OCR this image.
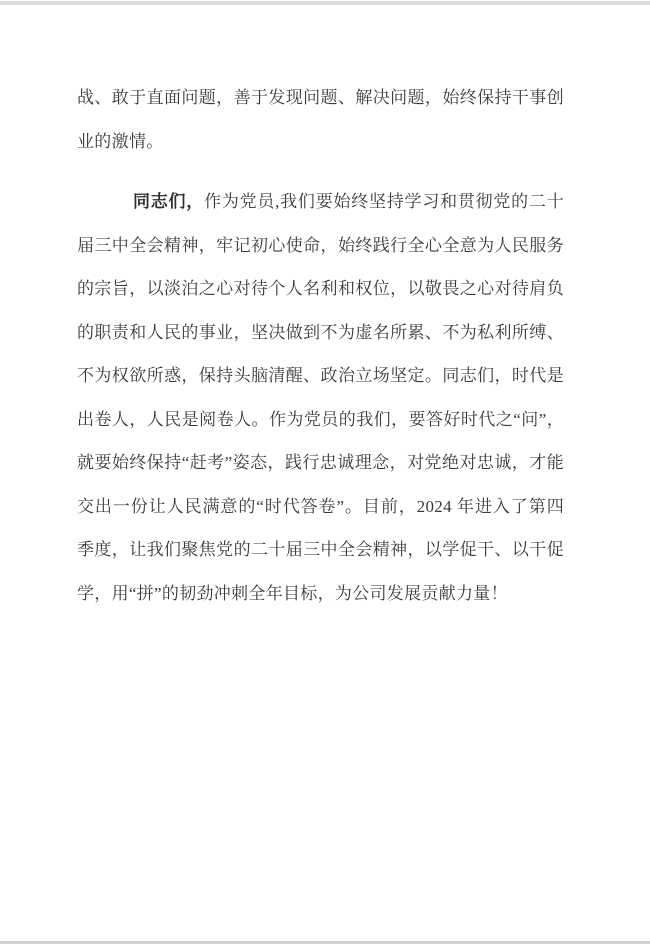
战、敢于直面问题，善于发现问题、解决问题，始终保持干事创业的激情。

同志们，作为党员,我们要始终坚持学习和贯彻党的二十届三中全会精神，牢记初心使命，始终践行全心全意为人民服务的宗旨，以淡泊之心对待个人名利和权位，以敬畏之心对待肩负的职责和人民的事业，坚决做到不为虚名所累、不为私利所缚、不为权欲所惑，保持头脑清醒、政治立场坚定。同志们，时代是出卷人，人民是阅卷人。作为党员的我们，要答好时代之“问”，就要始终保持“赶考”姿态，践行忠诚理念，对党绝对忠诚，才能交出一份让人民满意的“时代答卷”。目前，2024 年进入了第四季度，让我们聚焦党的二十届三中全会精神，以学促干、以干促学，用“拼”的韧劲冲刺全年目标，为公司发展贡献力量！
